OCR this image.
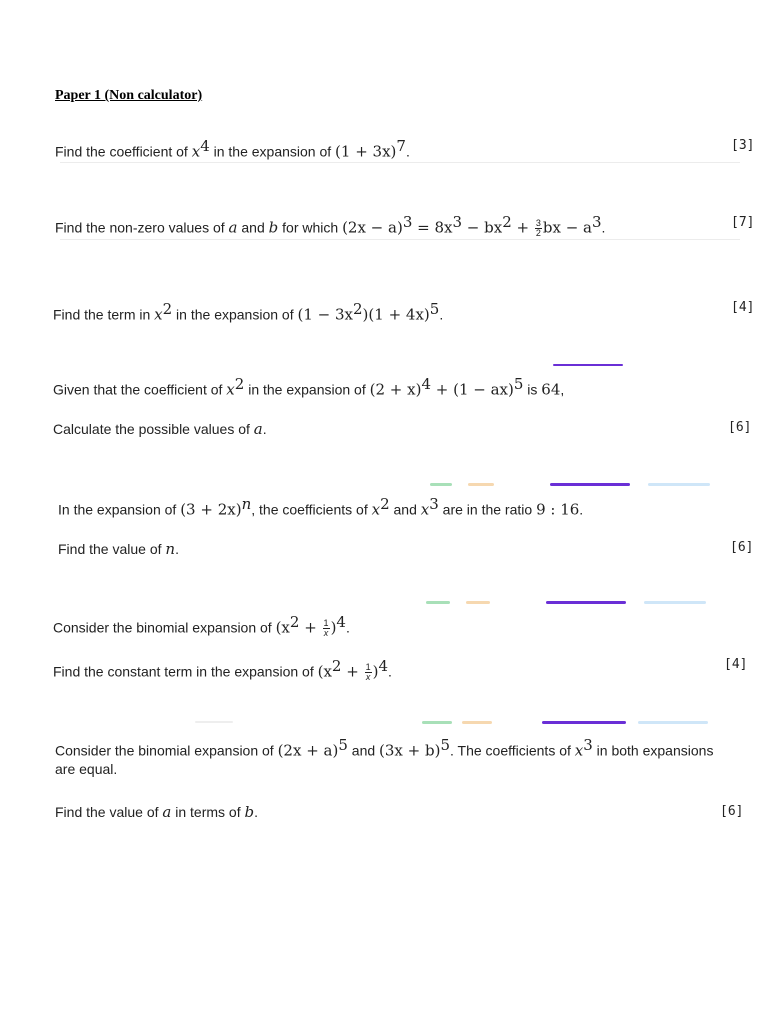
Paper 1 (Non calculator)
Find the coefficient of $x^4$ in the expansion of $(1 + 3x)^7$.	[3]
Find the non-zero values of a and b for which $(2x - a)^3 = 8x^3 - bx^2 + \frac{3}{2}$ bx − $a^3$.	[7]
Find the term in $x^2$ in the expansion of $(1 - 3x^2)(1 + 4x)^5$.	[4]
Given that the coefficient of $x^2$ in the expansion of $(2 + x)^4 + (1 - ax)^5$ is 64,
Calculate the possible values of a.	[6]
In the expansion of $(3 + 2x)^n$, the coefficients of $x^2$ and $x^3$ are in the ratio 9 : 16.
Find the value of n.	[6]
Consider the binomial expansion of $(x^2 + \frac{1}{x} )^4$.
Find the constant term in the expansion of $(x^2 + \frac{1}{x} )^4$.	[4]
Consider the binomial expansion of $(2x + a)^5$ and $(3x + b)^5$. The coefficients of $x^3$ in both expansions
are equal.
Find the value of a in terms of b.	[6]
